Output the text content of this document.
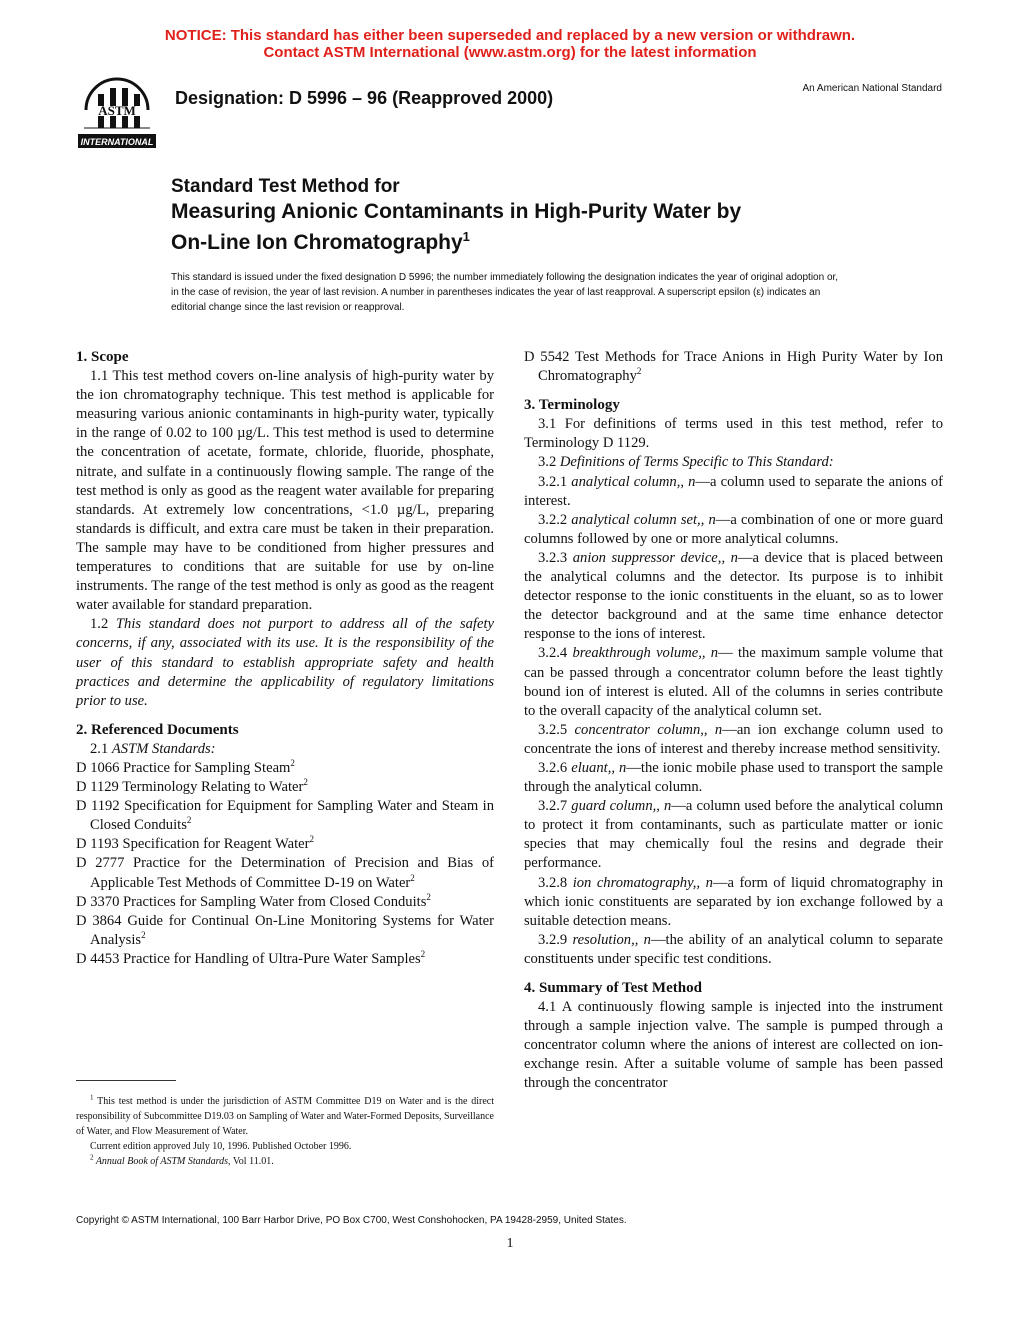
NOTICE: This standard has either been superseded and replaced by a new version or withdrawn.
Contact ASTM International (www.astm.org) for the latest information
ASTM
INTERNATIONAL
Designation: D 5996 – 96 (Reapproved 2000)	An American National Standard
Standard Test Method for
Measuring Anionic Contaminants in High-Purity Water by
On-Line Ion Chromatography$^1$
This standard is issued under the fixed designation D 5996; the number immediately following the designation indicates the year of original adoption or, in the case of revision, the year of last revision. A number in parentheses indicates the year of last reapproval. A superscript epsilon (ε) indicates an editorial change since the last revision or reapproval.

1. Scope

1.1 This test method covers on-line analysis of high-purity water by the ion chromatography technique. This test method is applicable for measuring various anionic contaminants in high-purity water, typically in the range of 0.02 to 100 µg/L. This test method is used to determine the concentration of acetate, formate, chloride, fluoride, phosphate, nitrate, and sulfate in a continuously flowing sample. The range of the test method is only as good as the reagent water available for preparing standards. At extremely low concentrations, <1.0 µg/L, preparing standards is difficult, and extra care must be taken in their preparation. The sample may have to be conditioned from higher pressures and temperatures to conditions that are suitable for use by on-line instruments. The range of the test method is only as good as the reagent water available for standard preparation.

1.2 This standard does not purport to address all of the safety concerns, if any, associated with its use. It is the responsibility of the user of this standard to establish appropriate safety and health practices and determine the applicability of regulatory limitations prior to use.

2. Referenced Documents

2.1 ASTM Standards:

D 1066 Practice for Sampling Steam$^2$

D 1129 Terminology Relating to Water$^2$

D 1192 Specification for Equipment for Sampling Water and Steam in Closed Conduits$^2$

D 1193 Specification for Reagent Water$^2$

D 2777 Practice for the Determination of Precision and Bias of Applicable Test Methods of Committee D-19 on Water$^2$

D 3370 Practices for Sampling Water from Closed Conduits$^2$

D 3864 Guide for Continual On-Line Monitoring Systems for Water Analysis$^2$

D 4453 Practice for Handling of Ultra-Pure Water Samples$^2$

D 5542 Test Methods for Trace Anions in High Purity Water by Ion Chromatography$^2$

3. Terminology

3.1 For definitions of terms used in this test method, refer to Terminology D 1129.

3.2 Definitions of Terms Specific to This Standard:

3.2.1 analytical column,, n—a column used to separate the anions of interest.

3.2.2 analytical column set,, n—a combination of one or more guard columns followed by one or more analytical columns.

3.2.3 anion suppressor device,, n—a device that is placed between the analytical columns and the detector. Its purpose is to inhibit detector response to the ionic constituents in the eluant, so as to lower the detector background and at the same time enhance detector response to the ions of interest.

3.2.4 breakthrough volume,, n— the maximum sample volume that can be passed through a concentrator column before the least tightly bound ion of interest is eluted. All of the columns in series contribute to the overall capacity of the analytical column set.

3.2.5 concentrator column,, n—an ion exchange column used to concentrate the ions of interest and thereby increase method sensitivity.

3.2.6 eluant,, n—the ionic mobile phase used to transport the sample through the analytical column.

3.2.7 guard column,, n—a column used before the analytical column to protect it from contaminants, such as particulate matter or ionic species that may chemically foul the resins and degrade their performance.

3.2.8 ion chromatography,, n—a form of liquid chromatography in which ionic constituents are separated by ion exchange followed by a suitable detection means.

3.2.9 resolution,, n—the ability of an analytical column to separate constituents under specific test conditions.

4. Summary of Test Method

4.1 A continuously flowing sample is injected into the instrument through a sample injection valve. The sample is pumped through a concentrator column where the anions of interest are collected on ion-exchange resin. After a suitable volume of sample has been passed through the concentrator

$^1$ This test method is under the jurisdiction of ASTM Committee D19 on Water and is the direct responsibility of Subcommittee D19.03 on Sampling of Water and Water-Formed Deposits, Surveillance of Water, and Flow Measurement of Water.

Current edition approved July 10, 1996. Published October 1996.

$^2$ Annual Book of ASTM Standards, Vol 11.01.

Copyright © ASTM International, 100 Barr Harbor Drive, PO Box C700, West Conshohocken, PA 19428-2959, United States.
1
